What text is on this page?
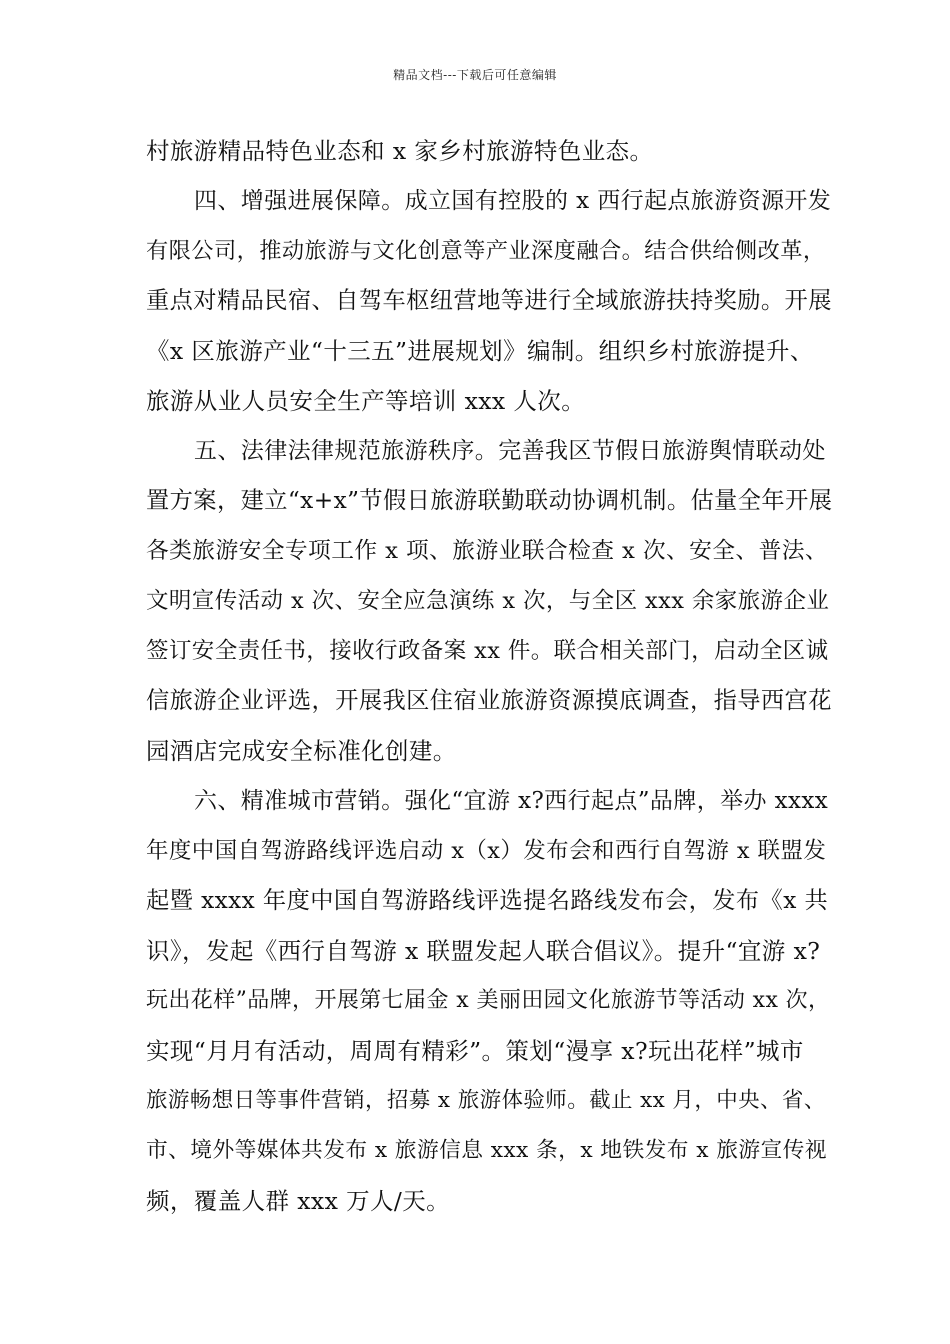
精品文档---下载后可任意编辑
村旅游精品特色业态和 x 家乡村旅游特色业态。
四、增强进展保障。成立国有控股的 x 西行起点旅游资源开发
有限公司，推动旅游与文化创意等产业深度融合。结合供给侧改革，
重点对精品民宿、自驾车枢纽营地等进行全域旅游扶持奖励。开展
《x 区旅游产业“十三五”进展规划》编制。组织乡村旅游提升、
旅游从业人员安全生产等培训 xxx 人次。
五、法律法律规范旅游秩序。完善我区节假日旅游舆情联动处
置方案，建立“x+x”节假日旅游联勤联动协调机制。估量全年开展
各类旅游安全专项工作 x 项、旅游业联合检查 x 次、安全、普法、
文明宣传活动 x 次、安全应急演练 x 次，与全区 xxx 余家旅游企业
签订安全责任书，接收行政备案 xx 件。联合相关部门，启动全区诚
信旅游企业评选，开展我区住宿业旅游资源摸底调查，指导西宫花
园酒店完成安全标准化创建。
六、精准城市营销。强化“宜游 x?西行起点”品牌，举办 xxxx
年度中国自驾游路线评选启动 x（x）发布会和西行自驾游 x 联盟发
起暨 xxxx 年度中国自驾游路线评选提名路线发布会，发布《x 共
识》，发起《西行自驾游 x 联盟发起人联合倡议》。提升“宜游 x?
玩出花样”品牌，开展第七届金 x 美丽田园文化旅游节等活动 xx 次，
实现“月月有活动，周周有精彩”。策划“漫享 x?玩出花样”城市
旅游畅想日等事件营销，招募 x 旅游体验师。截止 xx 月，中央、省、
市、境外等媒体共发布 x 旅游信息 xxx 条，x 地铁发布 x 旅游宣传视
频，覆盖人群 xxx 万人/天。
